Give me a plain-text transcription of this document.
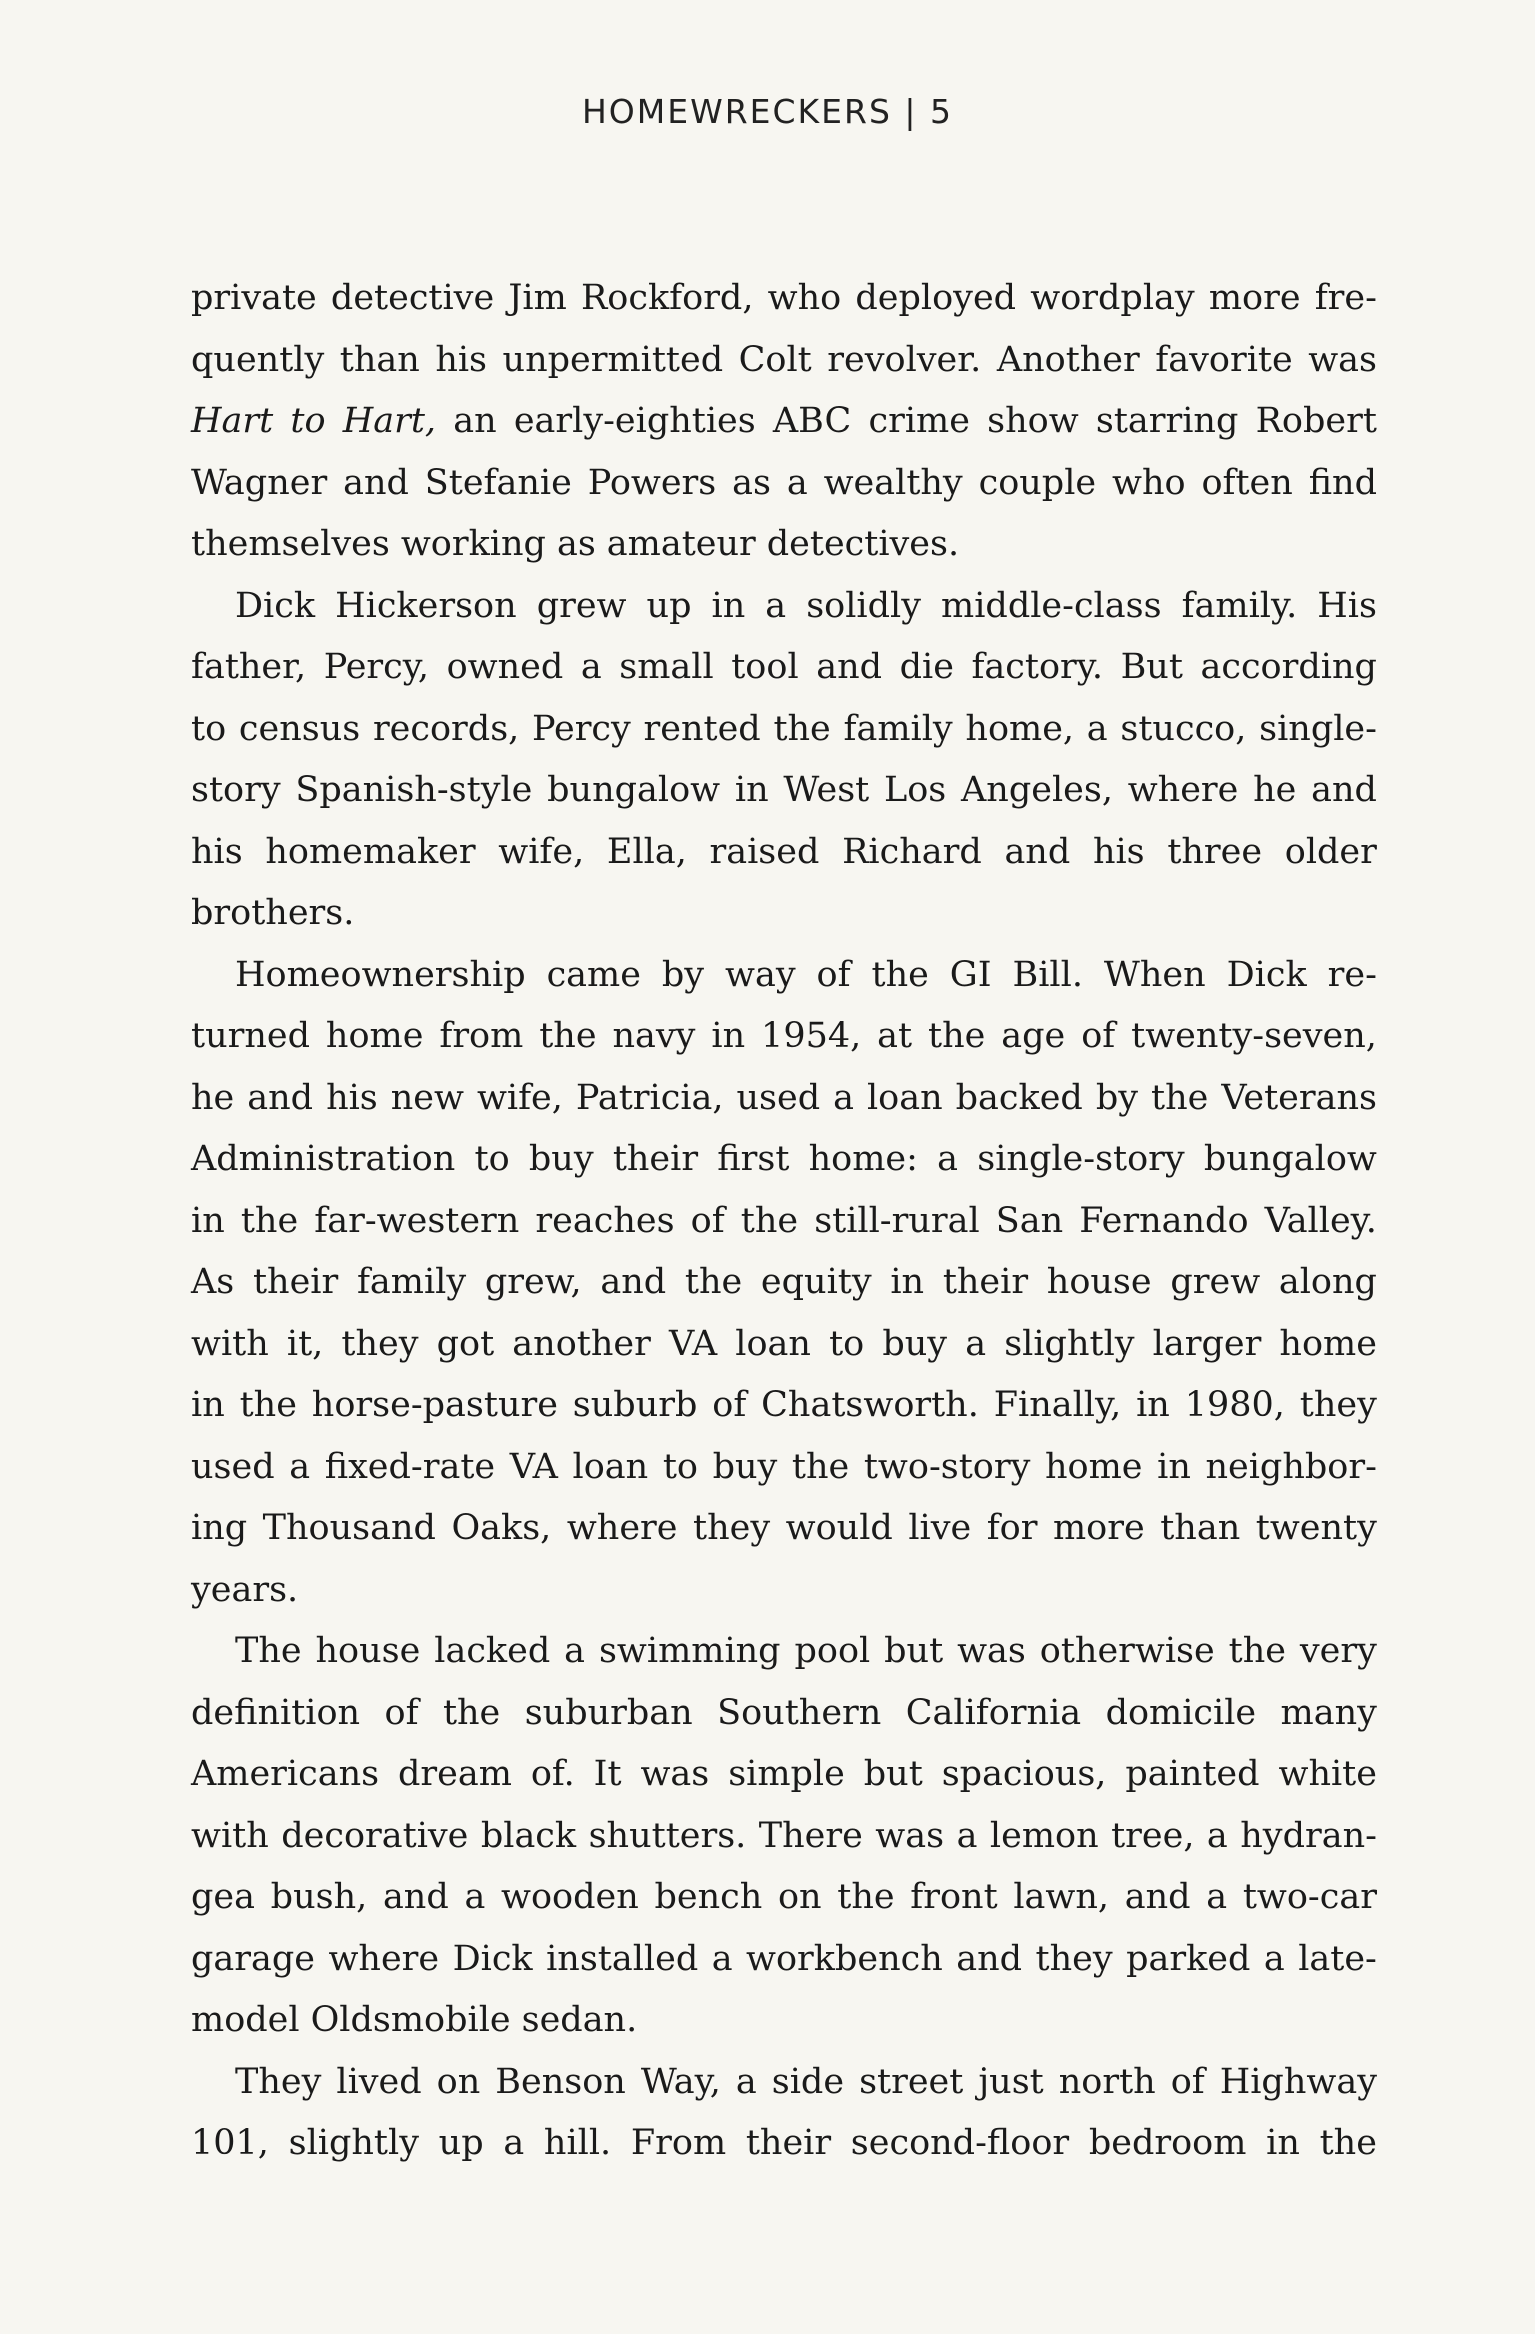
HOMEWRECKERS | 5
private detective Jim Rockford, who deployed wordplay more fre-
quently than his unpermitted Colt revolver. Another favorite was
Hart to Hart, an early-eighties ABC crime show starring Robert
Wagner and Stefanie Powers as a wealthy couple who often find
themselves working as amateur detectives.
Dick Hickerson grew up in a solidly middle-class family. His
father, Percy, owned a small tool and die factory. But according
to census records, Percy rented the family home, a stucco, single-
story Spanish-style bungalow in West Los Angeles, where he and
his homemaker wife, Ella, raised Richard and his three older
brothers.
Homeownership came by way of the GI Bill. When Dick re-
turned home from the navy in 1954, at the age of twenty-seven,
he and his new wife, Patricia, used a loan backed by the Veterans
Administration to buy their first home: a single-story bungalow
in the far-western reaches of the still-rural San Fernando Valley.
As their family grew, and the equity in their house grew along
with it, they got another VA loan to buy a slightly larger home
in the horse-pasture suburb of Chatsworth. Finally, in 1980, they
used a fixed-rate VA loan to buy the two-story home in neighbor-
ing Thousand Oaks, where they would live for more than twenty
years.
The house lacked a swimming pool but was otherwise the very
definition of the suburban Southern California domicile many
Americans dream of. It was simple but spacious, painted white
with decorative black shutters. There was a lemon tree, a hydran-
gea bush, and a wooden bench on the front lawn, and a two-car
garage where Dick installed a workbench and they parked a late-
model Oldsmobile sedan.
They lived on Benson Way, a side street just north of Highway
101, slightly up a hill. From their second-floor bedroom in the
